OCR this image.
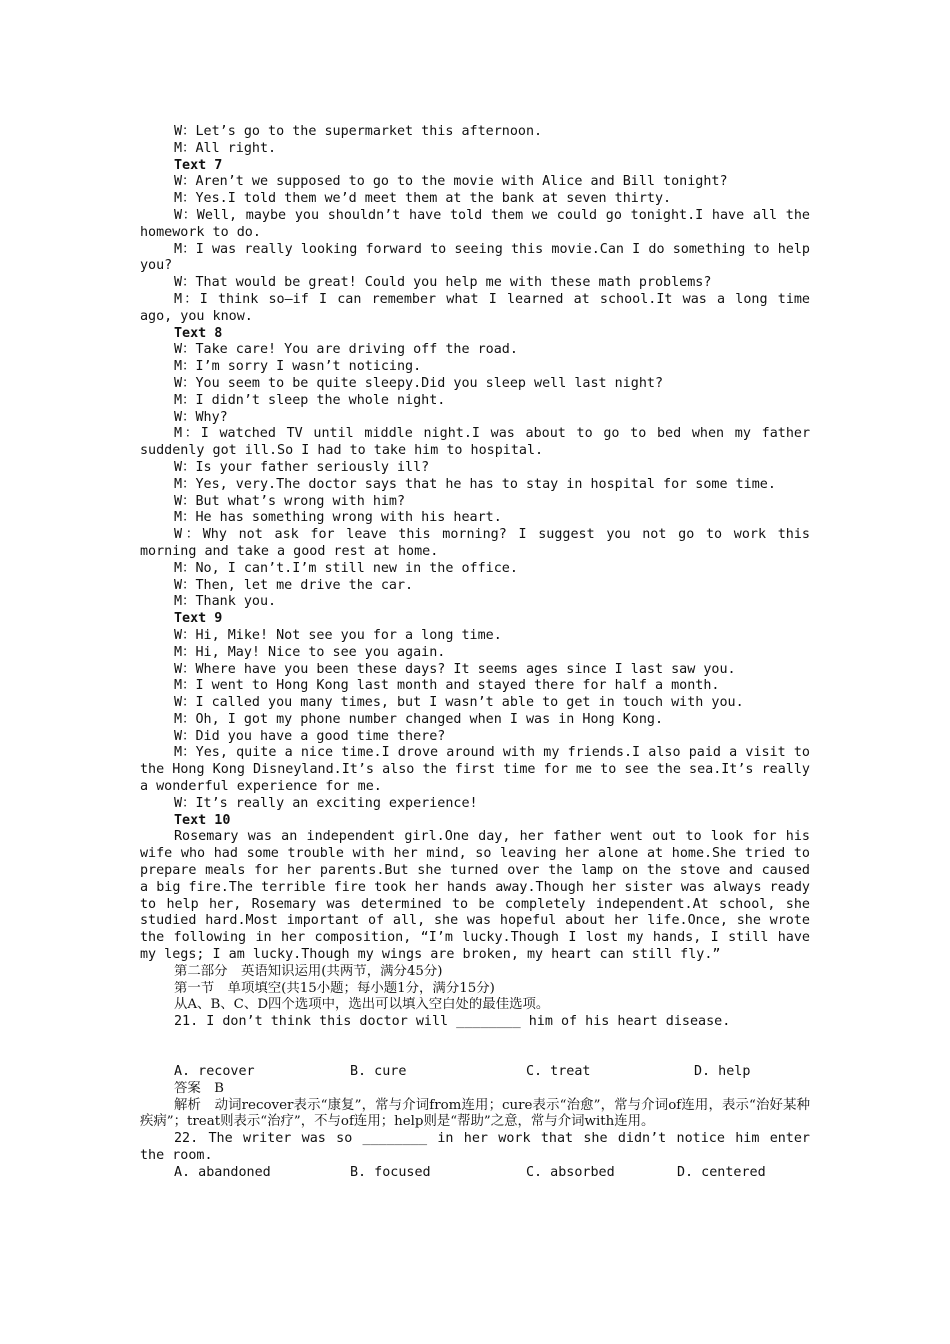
W：Let’s go to the supermarket this afternoon.
M：All right.
Text 7
W：Aren’t we supposed to go to the movie with Alice and Bill tonight?
M：Yes.I told them we’d meet them at the bank at seven thirty.
W：Well, maybe you shouldn’t have told them we could go tonight.I have all the homework to do.
M：I was really looking forward to seeing this movie.Can I do something to help you?
W：That would be great! Could you help me with these math problems?
M：I think so—if I can remember what I learned at school.It was a long time ago, you know.
Text 8
W：Take care! You are driving off the road.
M：I’m sorry I wasn’t noticing.
W：You seem to be quite sleepy.Did you sleep well last night?
M：I didn’t sleep the whole night.
W：Why?
M：I watched TV until middle night.I was about to go to bed when my father suddenly got ill.So I had to take him to hospital.
W：Is your father seriously ill?
M：Yes, very.The doctor says that he has to stay in hospital for some time.
W：But what’s wrong with him?
M：He has something wrong with his heart.
W：Why not ask for leave this morning? I suggest you not go to work this morning and take a good rest at home.
M：No, I can’t.I’m still new in the office.
W：Then, let me drive the car.
M：Thank you.
Text 9
W：Hi, Mike! Not see you for a long time.
M：Hi, May! Nice to see you again.
W：Where have you been these days? It seems ages since I last saw you.
M：I went to Hong Kong last month and stayed there for half a month.
W：I called you many times, but I wasn’t able to get in touch with you.
M：Oh, I got my phone number changed when I was in Hong Kong.
W：Did you have a good time there?
M：Yes, quite a nice time.I drove around with my friends.I also paid a visit to the Hong Kong Disneyland.It’s also the first time for me to see the sea.It’s really a wonderful experience for me.
W：It’s really an exciting experience!
Text 10
Rosemary was an independent girl.One day, her father went out to look for his wife who had some trouble with her mind, so leaving her alone at home.She tried to prepare meals for her parents.But she turned over the lamp on the stove and caused a big fire.The terrible fire took her hands away.Though her sister was always ready to help her, Rosemary was determined to be completely independent.At school, she studied hard.Most important of all, she was hopeful about her life.Once, she wrote the following in her composition, “I’m lucky.Though I lost my hands, I still have my legs; I am lucky.Though my wings are broken, my heart can still fly.”
第二部分　英语知识运用(共两节，满分45分)
第一节　单项填空(共15小题；每小题1分，满分15分)
从A、B、C、D四个选项中，选出可以填入空白处的最佳选项。
21. I don’t think this doctor will ________ him of his heart disease.
A. recover	B. cure	C. treat	D. help
答案　B
解析　动词recover表示“康复”，常与介词from连用；cure表示“治愈”，常与介词of连用，表示“治好某种疾病”；treat则表示“治疗”，不与of连用；help则是“帮助”之意，常与介词with连用。
22. The writer was so ________ in her work that she didn’t notice him enter the room.
A. abandoned	B. focused	C. absorbed	D. centered
